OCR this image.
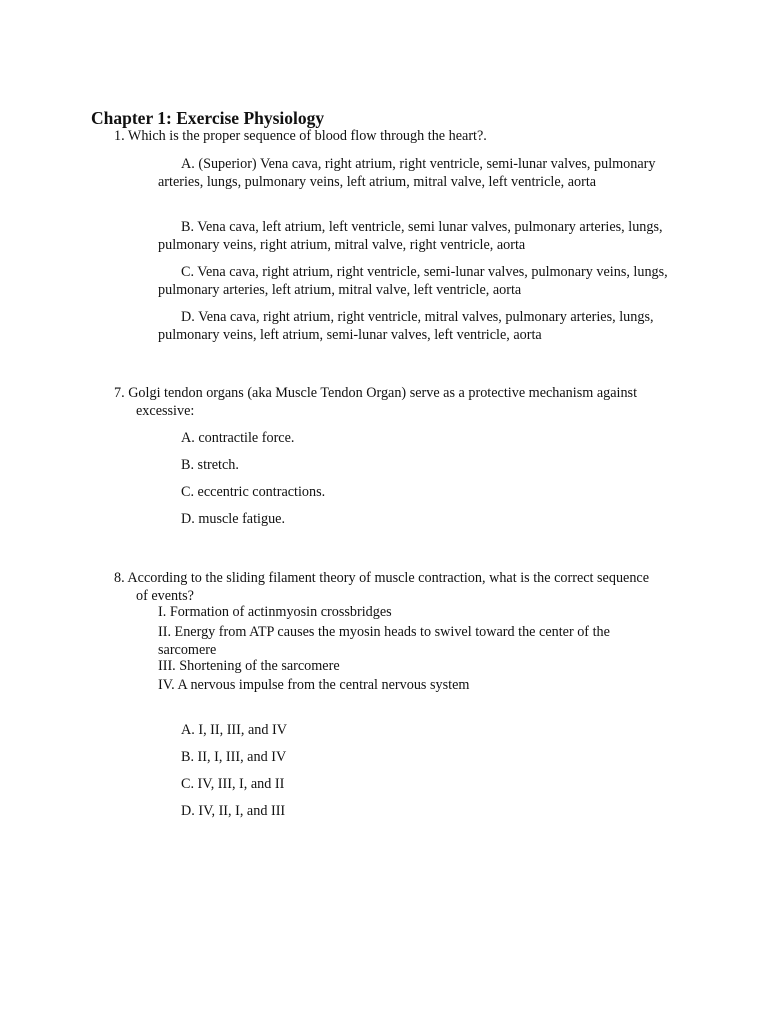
Chapter 1: Exercise Physiology
1. Which is the proper sequence of blood flow through the heart?.
A. (Superior) Vena cava, right atrium, right ventricle, semi-lunar valves, pulmonary arteries, lungs, pulmonary veins, left atrium, mitral valve, left ventricle, aorta
B. Vena cava, left atrium, left ventricle, semi lunar valves, pulmonary arteries, lungs, pulmonary veins, right atrium, mitral valve, right ventricle, aorta
C. Vena cava, right atrium, right ventricle, semi-lunar valves, pulmonary veins, lungs, pulmonary arteries, left atrium, mitral valve, left ventricle, aorta
D. Vena cava, right atrium, right ventricle, mitral valves, pulmonary arteries, lungs, pulmonary veins, left atrium, semi-lunar valves, left ventricle, aorta
7. Golgi tendon organs (aka Muscle Tendon Organ) serve as a protective mechanism against excessive:
A. contractile force.
B. stretch.
C. eccentric contractions.
D. muscle fatigue.
8. According to the sliding filament theory of muscle contraction, what is the correct sequence of events?
I. Formation of actinmyosin crossbridges
II. Energy from ATP causes the myosin heads to swivel toward the center of the sarcomere
III. Shortening of the sarcomere
IV. A nervous impulse from the central nervous system
A. I, II, III, and IV
B. II, I, III, and IV
C. IV, III, I, and II
D. IV, II, I, and III
